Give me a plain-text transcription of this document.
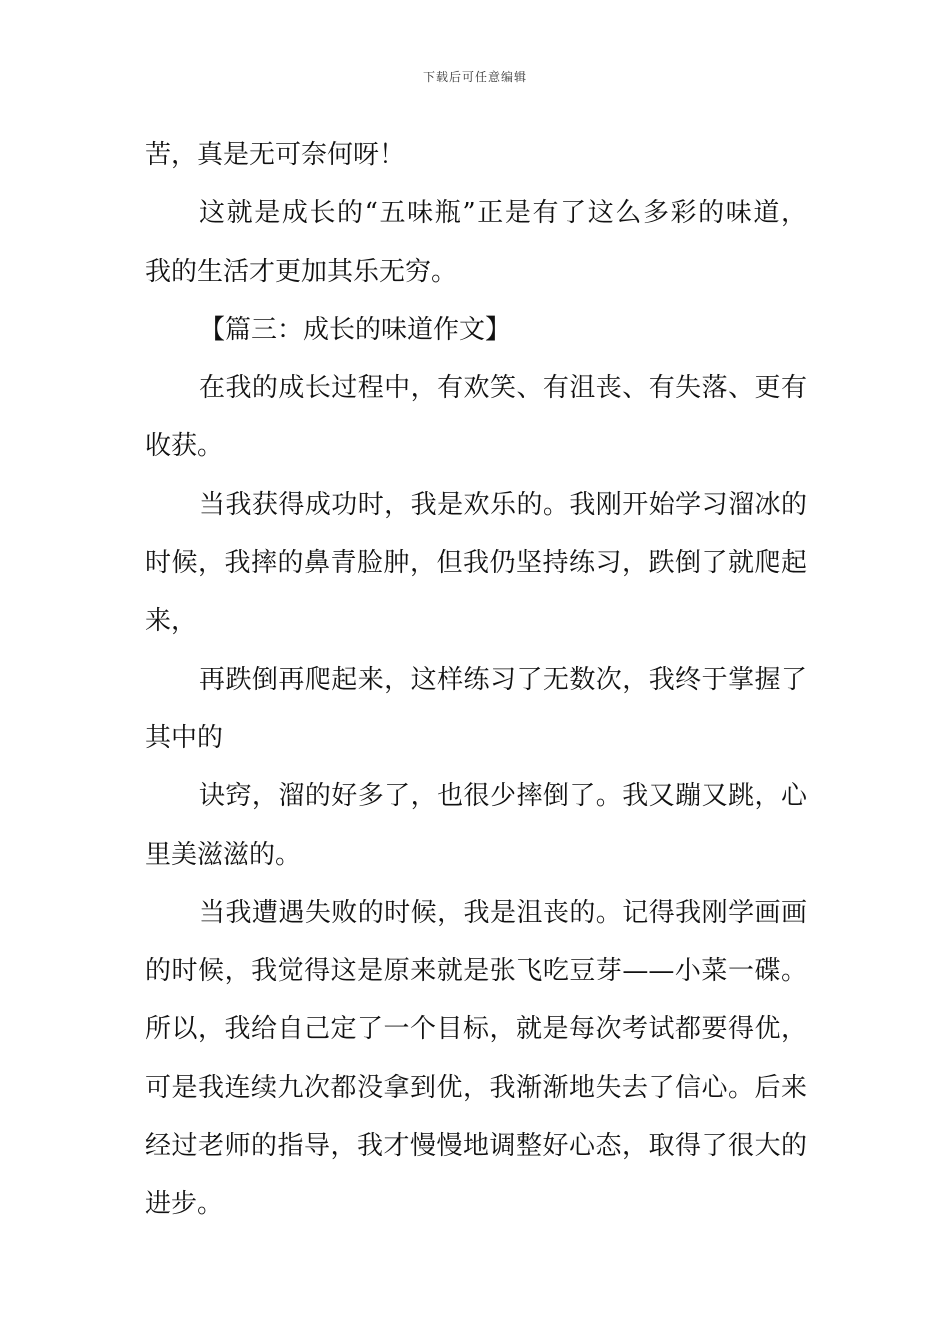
下载后可任意编辑
苦，真是无可奈何呀！
这就是成长的“五味瓶”正是有了这么多彩的味道，
我的生活才更加其乐无穷。
【篇三：成长的味道作文】
在我的成长过程中，有欢笑、有沮丧、有失落、更有
收获。
当我获得成功时，我是欢乐的。我刚开始学习溜冰的
时候，我摔的鼻青脸肿，但我仍坚持练习，跌倒了就爬起
来，
再跌倒再爬起来，这样练习了无数次，我终于掌握了
其中的
诀窍，溜的好多了，也很少摔倒了。我又蹦又跳，心
里美滋滋的。
当我遭遇失败的时候，我是沮丧的。记得我刚学画画
的时候，我觉得这是原来就是张飞吃豆芽——小菜一碟。
所以，我给自己定了一个目标，就是每次考试都要得优，
可是我连续九次都没拿到优，我渐渐地失去了信心。后来
经过老师的指导，我才慢慢地调整好心态，取得了很大的
进步。
